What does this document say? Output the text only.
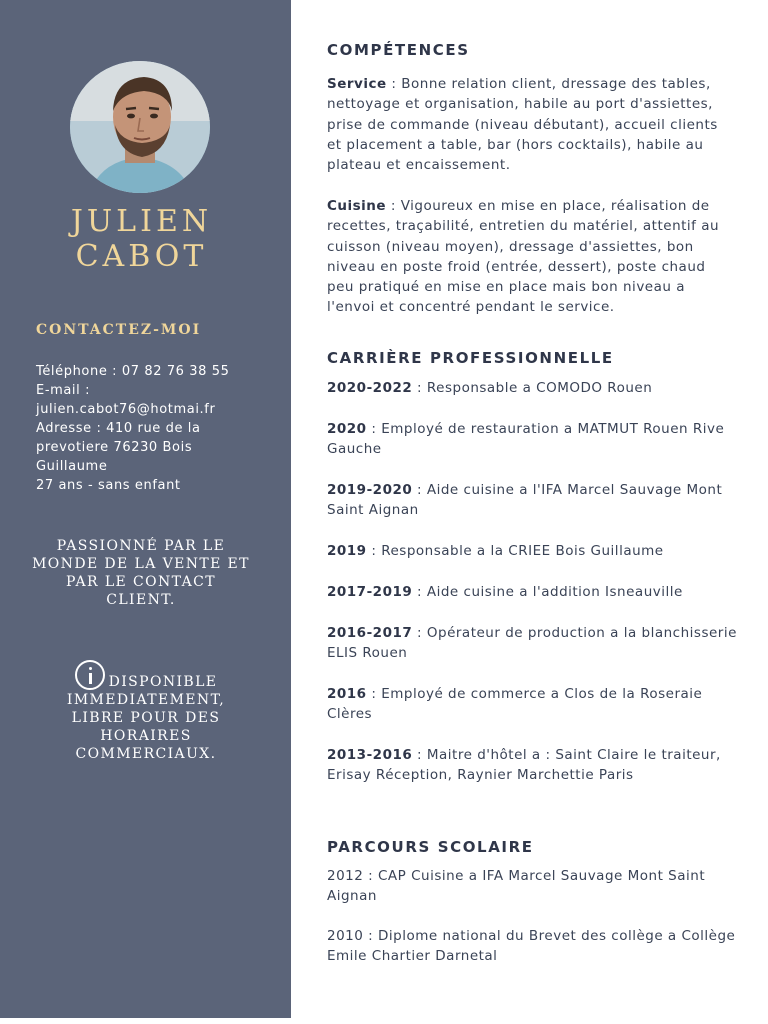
JULIEN
CABOT
CONTACTEZ-MOI
Téléphone : 07 82 76 38 55
E-mail :
julien.cabot76@hotmai.fr
Adresse : 410 rue de la
prevotiere 76230 Bois
Guillaume
27 ans - sans enfant
PASSIONNÉ PAR LE MONDE DE LA VENTE ET PAR LE CONTACT CLIENT.
DISPONIBLE IMMEDIATEMENT, LIBRE POUR DES HORAIRES COMMERCIAUX.
COMPÉTENCES
Service : Bonne relation client, dressage des tables, nettoyage et organisation, habile au port d'assiettes, prise de commande (niveau débutant), accueil clients et placement a table, bar (hors cocktails), habile au plateau et encaissement.
Cuisine : Vigoureux en mise en place, réalisation de recettes, traçabilité, entretien du matériel, attentif au cuisson (niveau moyen), dressage d'assiettes, bon niveau en poste froid (entrée, dessert), poste chaud peu pratiqué en mise en place mais bon niveau a l'envoi et concentré pendant le service.
CARRIÈRE PROFESSIONNELLE
2020-2022 : Responsable a COMODO Rouen
2020 : Employé de restauration a MATMUT Rouen Rive Gauche
2019-2020 : Aide cuisine a l'IFA Marcel Sauvage Mont Saint Aignan
2019 : Responsable a la CRIEE Bois Guillaume
2017-2019 : Aide cuisine a l'addition Isneauville
2016-2017 : Opérateur de production a la blanchisserie ELIS Rouen
2016 : Employé de commerce a Clos de la Roseraie Clères
2013-2016 : Maitre d'hôtel a : Saint Claire le traiteur, Erisay Réception, Raynier Marchettie Paris
PARCOURS SCOLAIRE
2012 : CAP Cuisine a IFA Marcel Sauvage Mont Saint Aignan
2010 : Diplome national du Brevet des collège a Collège Emile Chartier Darnetal
